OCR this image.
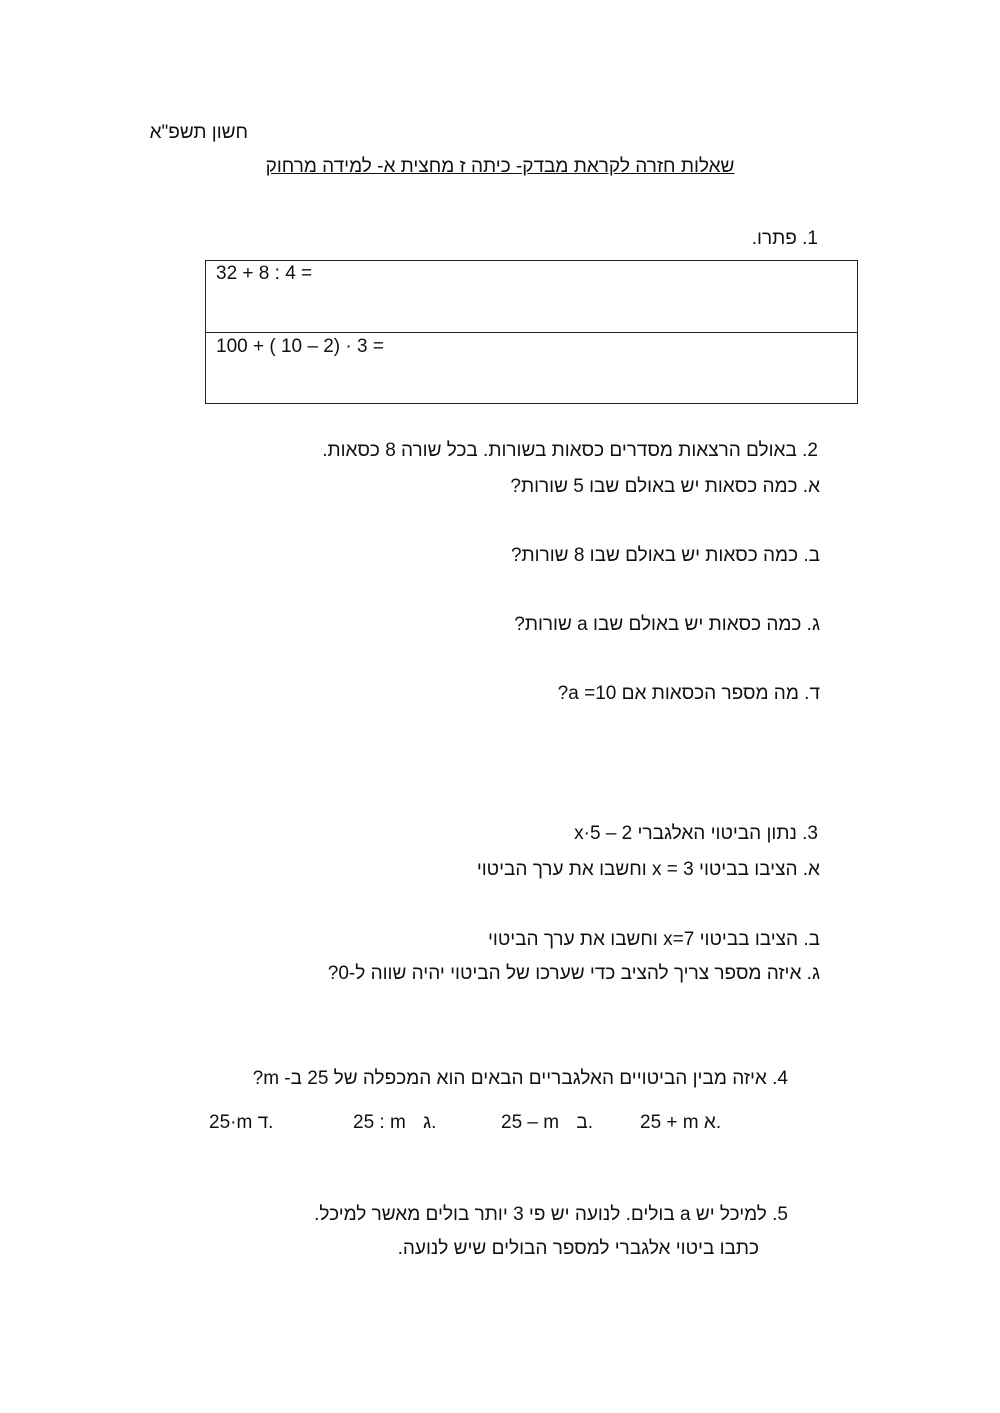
חשון תשפ"א
שאלות חזרה לקראת מבדק- כיתה ז מחצית א- למידה מרחוק
1. פתרו.
32 + 8 : 4 =
100 + ( 10 – 2) · 3 =
2. באולם הרצאות מסדרים כסאות בשורות. בכל שורה 8 כסאות.
א. כמה כסאות יש באולם שבו 5 שורות?
ב. כמה כסאות יש באולם שבו 8 שורות?
ג. כמה כסאות יש באולם שבו a שורות?
ד. מה מספר הכסאות אם 10= a?
3. נתון הביטוי האלגברי 2 – 5·x
א. הציבו בביטוי 3 = x וחשבו את ערך הביטוי
ב. הציבו בביטוי x=7 וחשבו את ערך הביטוי
ג. איזה מספר צריך להציב כדי שערכו של הביטוי יהיה שווה ל-0?
4. איזה מבין הביטויים האלגבריים הבאים הוא המכפלה של 25 ב- m?
25 + m א.
25 – m ב.
25 : m ג.
25·m ד.
5. למיכל יש a בולים. לנועה יש פי 3 יותר בולים מאשר למיכל.
כתבו ביטוי אלגברי למספר הבולים שיש לנועה.
